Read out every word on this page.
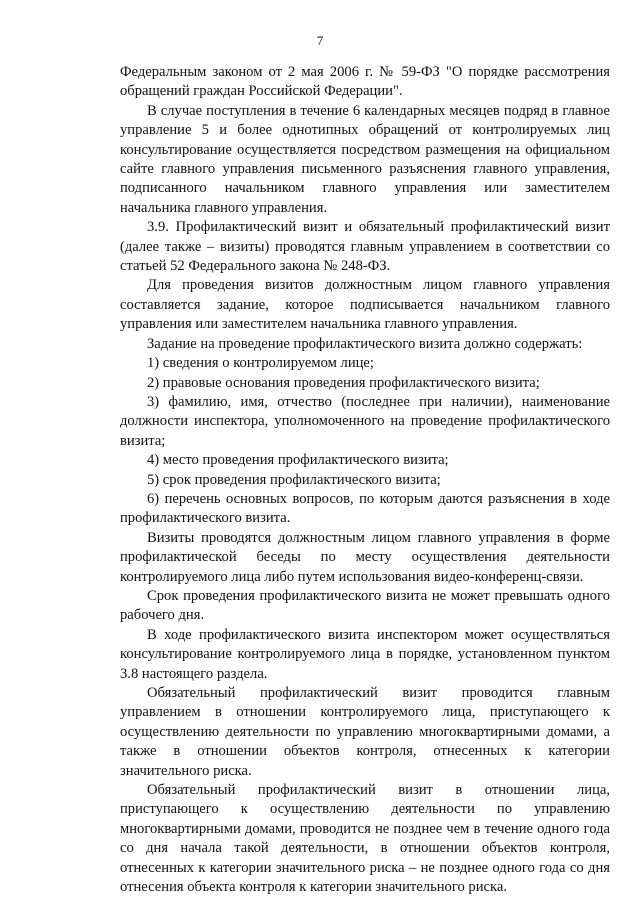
7

Федеральным законом от 2 мая 2006 г. № 59-ФЗ "О порядке рассмотрения обращений граждан Российской Федерации".

В случае поступления в течение 6 календарных месяцев подряд в главное управление 5 и более однотипных обращений от контролируемых лиц консультирование осуществляется посредством размещения на официальном сайте главного управления письменного разъяснения главного управления, подписанного начальником главного управления или заместителем начальника главного управления.

3.9. Профилактический визит и обязательный профилактический визит (далее также – визиты) проводятся главным управлением в соответствии со статьей 52 Федерального закона № 248-ФЗ.

Для проведения визитов должностным лицом главного управления составляется задание, которое подписывается начальником главного управления или заместителем начальника главного управления.

Задание на проведение профилактического визита должно содержать:

1) сведения о контролируемом лице;

2) правовые основания проведения профилактического визита;

3) фамилию, имя, отчество (последнее при наличии), наименование должности инспектора, уполномоченного на проведение профилактического визита;

4) место проведения профилактического визита;

5) срок проведения профилактического визита;

6) перечень основных вопросов, по которым даются разъяснения в ходе профилактического визита.

Визиты проводятся должностным лицом главного управления в форме профилактической беседы по месту осуществления деятельности контролируемого лица либо путем использования видео-конференц-связи.

Срок проведения профилактического визита не может превышать одного рабочего дня.

В ходе профилактического визита инспектором может осуществляться консультирование контролируемого лица в порядке, установленном пунктом 3.8 настоящего раздела.

Обязательный профилактический визит проводится главным управлением в отношении контролируемого лица, приступающего к осуществлению деятельности по управлению многоквартирными домами, а также в отношении объектов контроля, отнесенных к категории значительного риска.

Обязательный профилактический визит в отношении лица, приступающего к осуществлению деятельности по управлению многоквартирными домами, проводится не позднее чем в течение одного года со дня начала такой деятельности, в отношении объектов контроля, отнесенных к категории значительного риска – не позднее одного года со дня отнесения объекта контроля к категории значительного риска.
